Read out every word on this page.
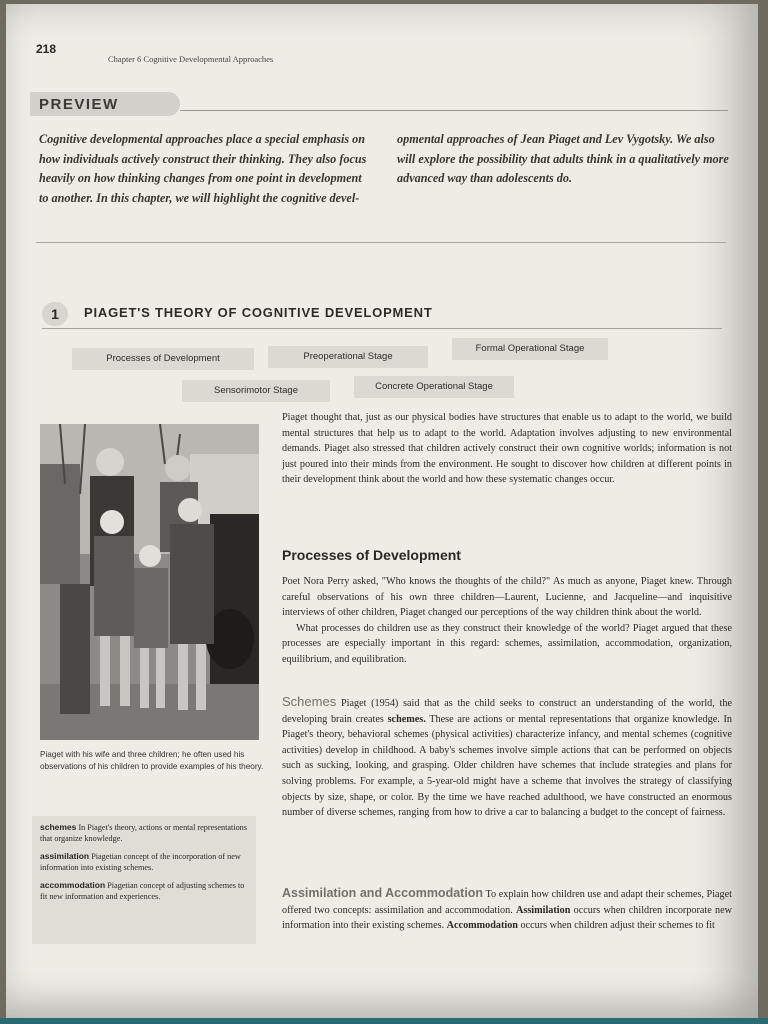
218
Chapter 6 Cognitive Developmental Approaches
PREVIEW
Cognitive developmental approaches place a special emphasis on how individuals actively construct their thinking. They also focus heavily on how thinking changes from one point in development to another. In this chapter, we will highlight the cognitive devel-
opmental approaches of Jean Piaget and Lev Vygotsky. We also will explore the possibility that adults think in a qualitatively more advanced way than adolescents do.
1	PIAGET'S THEORY OF COGNITIVE DEVELOPMENT
Processes of Development	Preoperational Stage
Formal Operational Stage
Sensorimotor Stage	Concrete Operational Stage
Piaget with his wife and three children; he often used his observations of his children to provide examples of his theory.

schemes In Piaget's theory, actions or mental representations that organize knowledge.

assimilation Piagetian concept of the incorporation of new information into existing schemes.

accommodation Piagetian concept of adjusting schemes to fit new information and experiences.

Piaget thought that, just as our physical bodies have structures that enable us to adapt to the world, we build mental structures that help us to adapt to the world. Adaptation involves adjusting to new environmental demands. Piaget also stressed that children actively construct their own cognitive worlds; information is not just poured into their minds from the environment. He sought to discover how children at different points in their development think about the world and how these systematic changes occur.

Processes of Development

Poet Nora Perry asked, "Who knows the thoughts of the child?" As much as anyone, Piaget knew. Through careful observations of his own three children—Laurent, Lucienne, and Jacqueline—and inquisitive interviews of other children, Piaget changed our perceptions of the way children think about the world.

What processes do children use as they construct their knowledge of the world? Piaget argued that these processes are especially important in this regard: schemes, assimilation, accommodation, organization, equilibrium, and equilibration.

Schemes Piaget (1954) said that as the child seeks to construct an understanding of the world, the developing brain creates schemes. These are actions or mental representations that organize knowledge. In Piaget's theory, behavioral schemes (physical activities) characterize infancy, and mental schemes (cognitive activities) develop in childhood. A baby's schemes involve simple actions that can be performed on objects such as sucking, looking, and grasping. Older children have schemes that include strategies and plans for solving problems. For example, a 5-year-old might have a scheme that involves the strategy of classifying objects by size, shape, or color. By the time we have reached adulthood, we have constructed an enormous number of diverse schemes, ranging from how to drive a car to balancing a budget to the concept of fairness.

Assimilation and Accommodation To explain how children use and adapt their schemes, Piaget offered two concepts: assimilation and accommodation. Assimilation occurs when children incorporate new information into their existing schemes. Accommodation occurs when children adjust their schemes to fit
